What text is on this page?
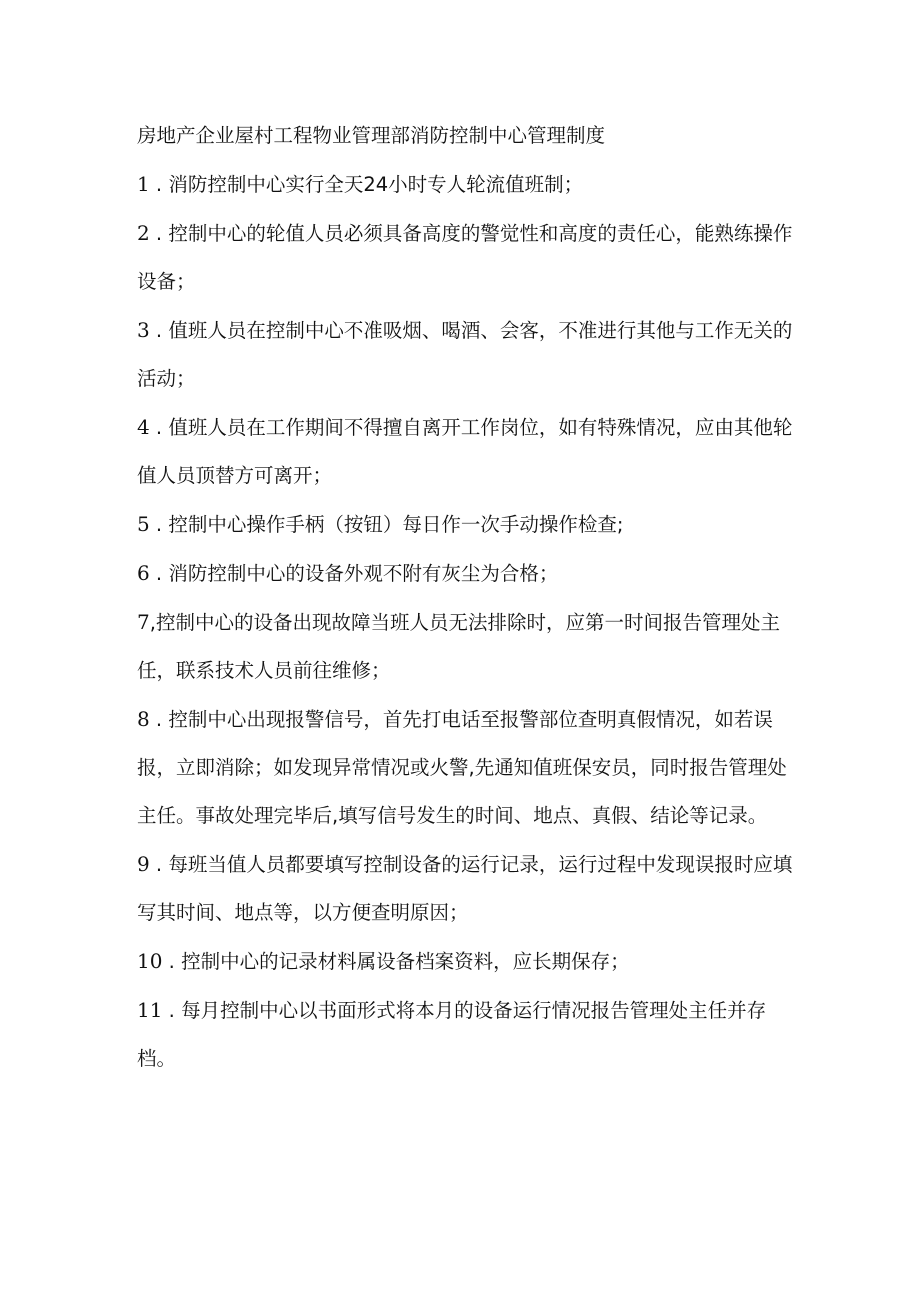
房地产企业屋村工程物业管理部消防控制中心管理制度

1 . 消防控制中心实行全天24小时专人轮流值班制；
2 . 控制中心的轮值人员必须具备高度的警觉性和高度的责任心，能熟练操作设备；
3 . 值班人员在控制中心不准吸烟、喝酒、会客，不准进行其他与工作无关的活动；
4 . 值班人员在工作期间不得擅自离开工作岗位，如有特殊情况，应由其他轮值人员顶替方可离开；
5 . 控制中心操作手柄（按钮）每日作一次手动操作检查;
6 . 消防控制中心的设备外观不附有灰尘为合格；
7,控制中心的设备出现故障当班人员无法排除时，应第一时间报告管理处主任，联系技术人员前往维修；
8 . 控制中心出现报警信号，首先打电话至报警部位查明真假情况，如若误报，立即消除；如发现异常情况或火警,先通知值班保安员，同时报告管理处主任。事故处理完毕后,填写信号发生的时间、地点、真假、结论等记录。
9 . 每班当值人员都要填写控制设备的运行记录，运行过程中发现误报时应填写其时间、地点等，以方便查明原因；
10 . 控制中心的记录材料属设备档案资料，应长期保存；
11 . 每月控制中心以书面形式将本月的设备运行情况报告管理处主任并存档。
